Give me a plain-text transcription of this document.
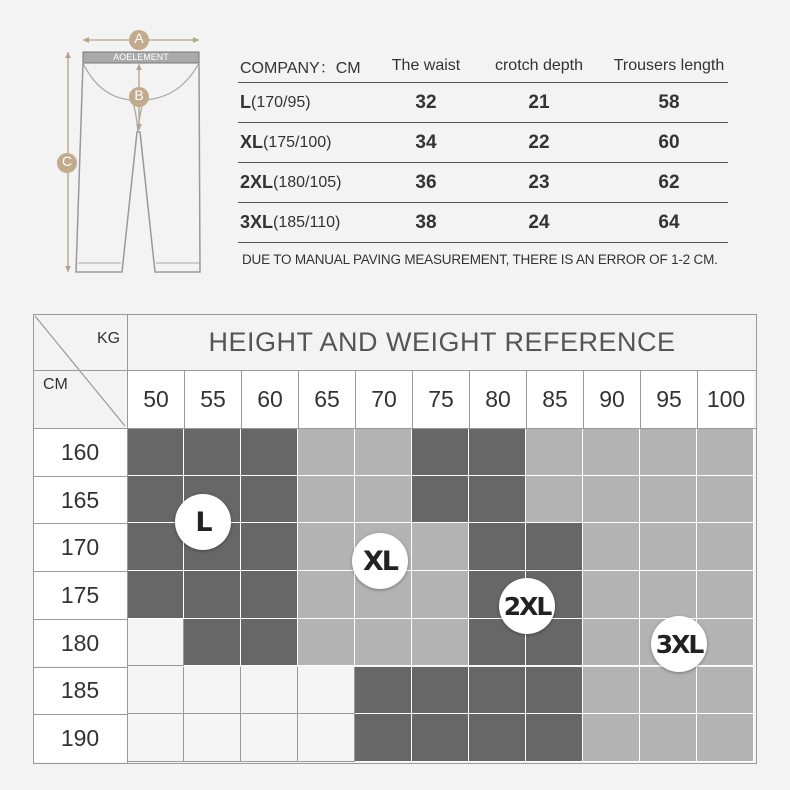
A
B
C
AOELEMENT
COMPANY：CM	The waist	crotch depth	Trousers length
L (170/95)	32	21	58
XL (175/100)	34	22	60
2XL (180/105)	36	23	62
3XL (185/110)	38	24	64
DUE TO MANUAL PAVING MEASUREMENT, THERE IS AN ERROR OF 1-2 CM.
KG
CM
HEIGHT AND WEIGHT REFERENCE
50	55	60	65	70	75	80	85	90	95	100
160
165
170
175
180
185
190
L
XL
2XL
3XL
